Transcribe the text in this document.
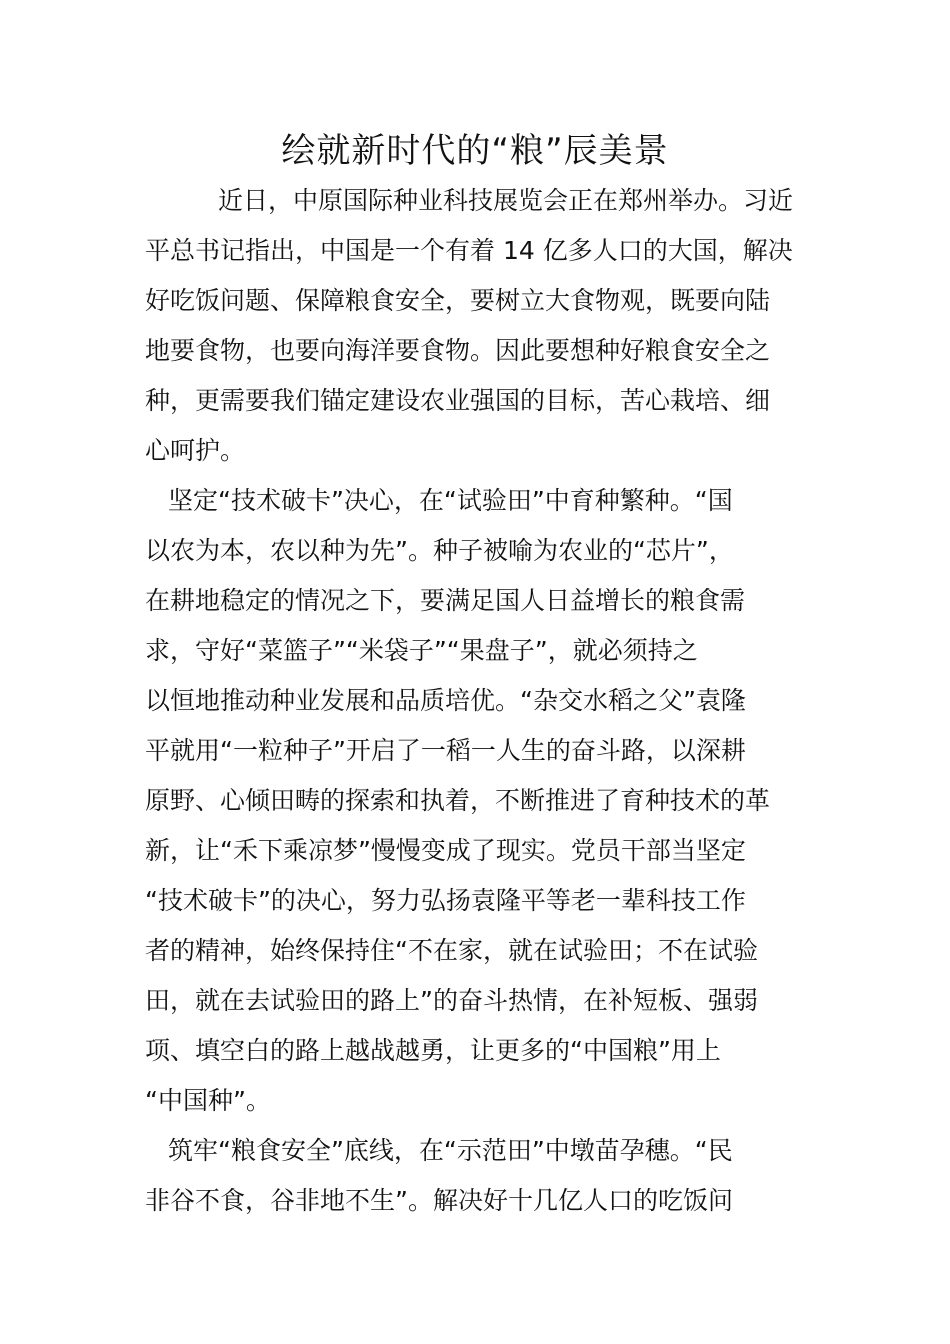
绘就新时代的“粮”辰美景
近日，中原国际种业科技展览会正在郑州举办。习近
平总书记指出，中国是一个有着 14 亿多人口的大国，解决
好吃饭问题、保障粮食安全，要树立大食物观，既要向陆
地要食物，也要向海洋要食物。因此要想种好粮食安全之
种，更需要我们锚定建设农业强国的目标，苦心栽培、细
心呵护。
坚定“技术破卡”决心，在“试验田”中育种繁种。“国
以农为本，农以种为先”。种子被喻为农业的“芯片”，
在耕地稳定的情况之下，要满足国人日益增长的粮食需
求，守好“菜篮子”“米袋子”“果盘子”，就必须持之
以恒地推动种业发展和品质培优。“杂交水稻之父”袁隆
平就用“一粒种子”开启了一稻一人生的奋斗路，以深耕
原野、心倾田畴的探索和执着，不断推进了育种技术的革
新，让“禾下乘凉梦”慢慢变成了现实。党员干部当坚定
“技术破卡”的决心，努力弘扬袁隆平等老一辈科技工作
者的精神，始终保持住“不在家，就在试验田；不在试验
田，就在去试验田的路上”的奋斗热情，在补短板、强弱
项、填空白的路上越战越勇，让更多的“中国粮”用上
“中国种”。
筑牢“粮食安全”底线，在“示范田”中墩苗孕穗。“民
非谷不食，谷非地不生”。解决好十几亿人口的吃饭问
